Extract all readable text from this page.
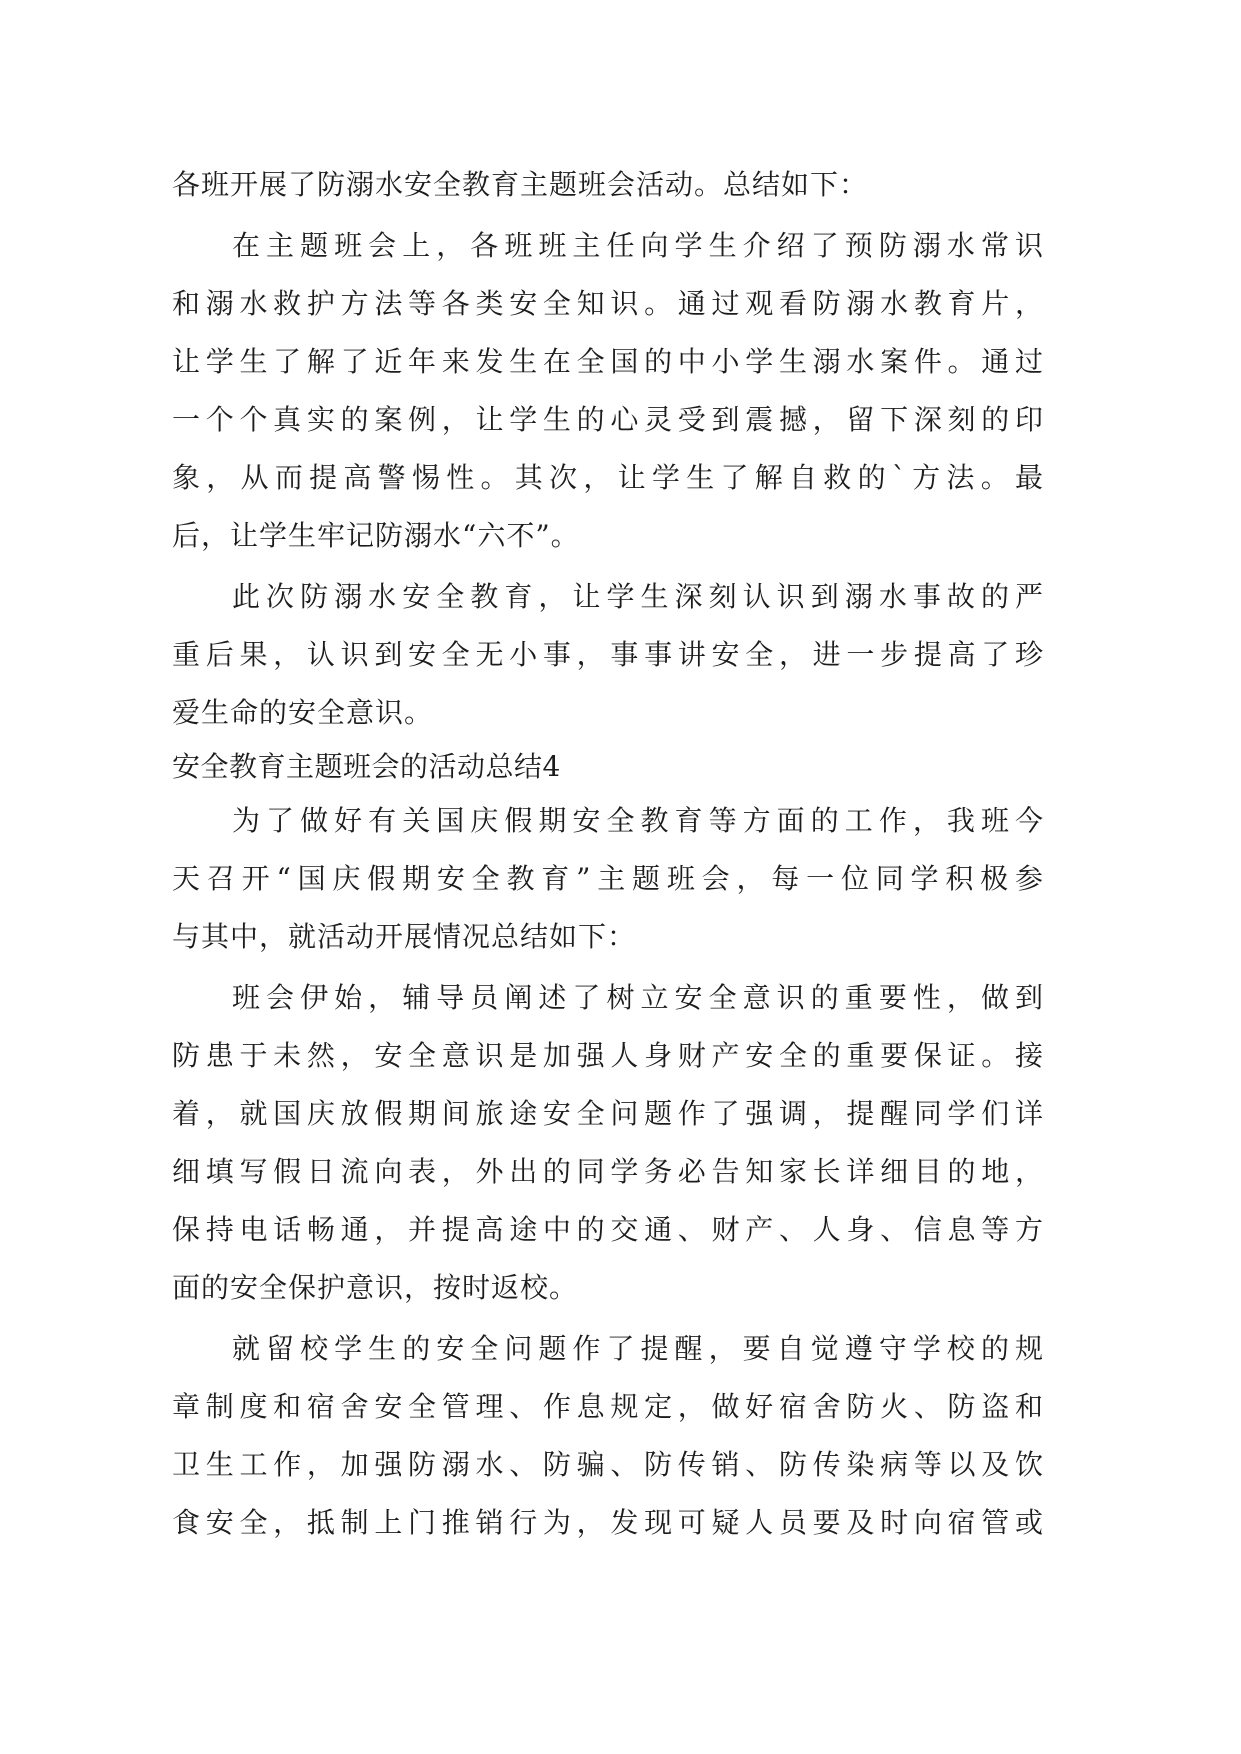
各班开展了防溺水安全教育主题班会活动。总结如下：
在主题班会上，各班班主任向学生介绍了预防溺水常识
和溺水救护方法等各类安全知识。通过观看防溺水教育片，
让学生了解了近年来发生在全国的中小学生溺水案件。通过
一个个真实的案例，让学生的心灵受到震撼，留下深刻的印
象，从而提高警惕性。其次，让学生了解自救的`方法。最
后，让学生牢记防溺水“六不”。
此次防溺水安全教育，让学生深刻认识到溺水事故的严
重后果，认识到安全无小事，事事讲安全，进一步提高了珍
爱生命的安全意识。
安全教育主题班会的活动总结4
为了做好有关国庆假期安全教育等方面的工作，我班今
天召开“国庆假期安全教育”主题班会，每一位同学积极参
与其中，就活动开展情况总结如下：
班会伊始，辅导员阐述了树立安全意识的重要性，做到
防患于未然，安全意识是加强人身财产安全的重要保证。接
着，就国庆放假期间旅途安全问题作了强调，提醒同学们详
细填写假日流向表，外出的同学务必告知家长详细目的地，
保持电话畅通，并提高途中的交通、财产、人身、信息等方
面的安全保护意识，按时返校。
就留校学生的安全问题作了提醒，要自觉遵守学校的规
章制度和宿舍安全管理、作息规定，做好宿舍防火、防盗和
卫生工作，加强防溺水、防骗、防传销、防传染病等以及饮
食安全，抵制上门推销行为，发现可疑人员要及时向宿管或
